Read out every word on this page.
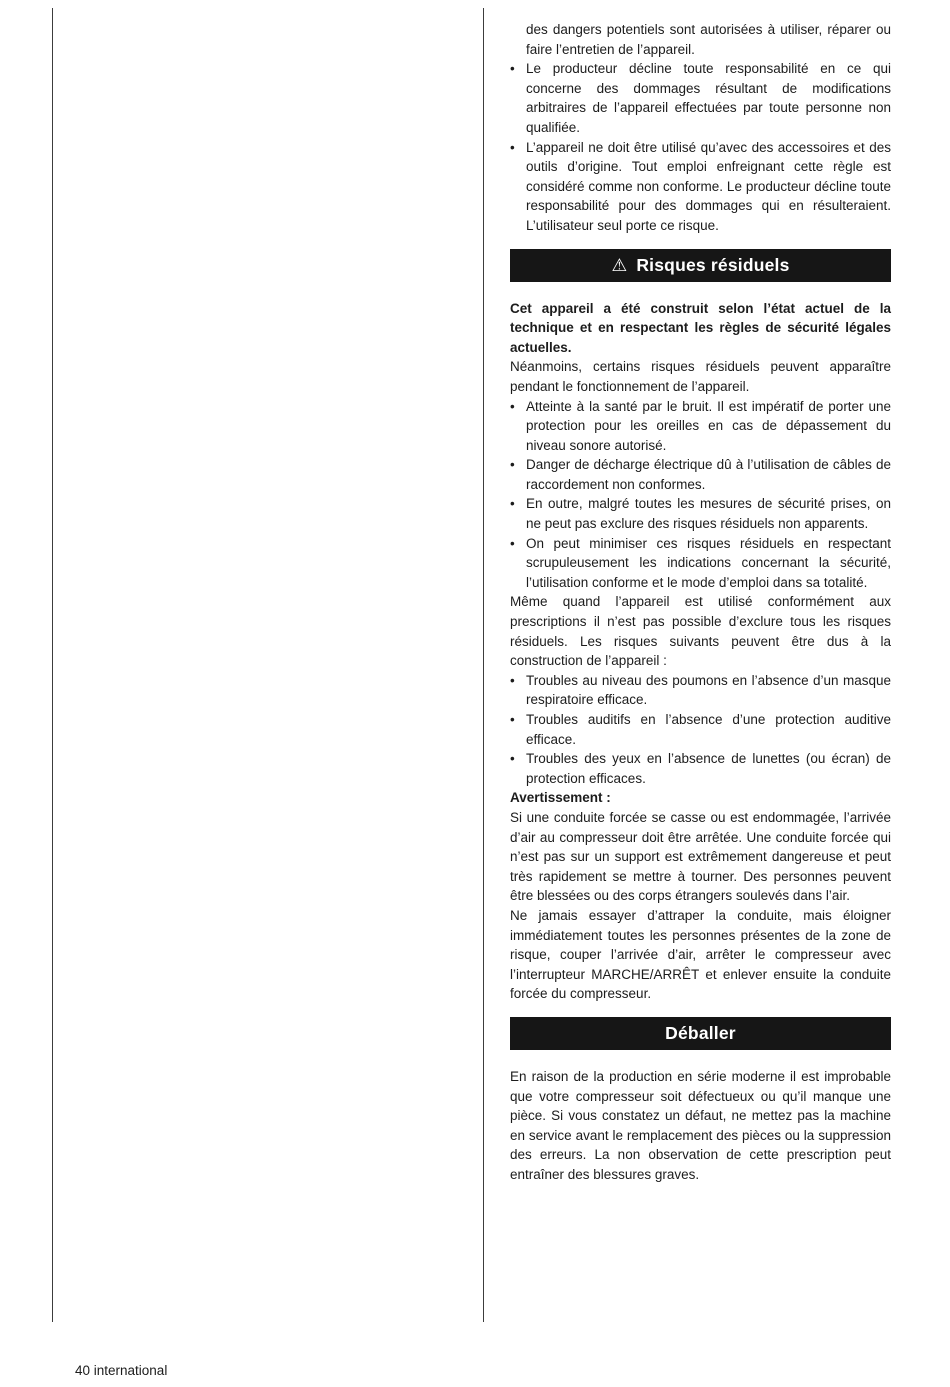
des dangers potentiels sont autorisées à utiliser, réparer ou faire l’entretien de l’appareil.

• Le producteur décline toute responsabilité en ce qui concerne des dommages résultant de modifications arbitraires de l’appareil effectuées par toute personne non qualifiée.
• L’appareil ne doit être utilisé qu’avec des accessoires et des outils d’origine. Tout emploi enfreignant cette règle est considéré comme non conforme. Le producteur décline toute responsabilité pour des dommages qui en résulteraient. L’utilisateur seul porte ce risque.
⚠ Risques résiduels

Cet appareil a été construit selon l’état actuel de la technique et en respectant les règles de sécurité légales actuelles.

Néanmoins, certains risques résiduels peuvent apparaître pendant le fonctionnement de l’appareil.

• Atteinte à la santé par le bruit. Il est impératif de porter une protection pour les oreilles en cas de dépassement du niveau sonore autorisé.
• Danger de décharge électrique dû à l’utilisation de câbles de raccordement non conformes.
• En outre, malgré toutes les mesures de sécurité prises, on ne peut pas exclure des risques résiduels non apparents.
• On peut minimiser ces risques résiduels en respectant scrupuleusement les indications concernant la sécurité, l’utilisation conforme et le mode d’emploi dans sa totalité.

Même quand l’appareil est utilisé conformément aux prescriptions il n’est pas possible d’exclure tous les risques résiduels. Les risques suivants peuvent être dus à la construction de l’appareil :

• Troubles au niveau des poumons en l’absence d’un masque respiratoire efficace.
• Troubles auditifs en l’absence d’une protection auditive efficace.
• Troubles des yeux en l’absence de lunettes (ou écran) de protection efficaces.

Avertissement :

Si une conduite forcée se casse ou est endommagée, l’arrivée d’air au compresseur doit être arrêtée. Une conduite forcée qui n’est pas sur un support est extrêmement dangereuse et peut très rapidement se mettre à tourner. Des personnes peuvent être blessées ou des corps étrangers soulevés dans l’air.

Ne jamais essayer d’attraper la conduite, mais éloigner immédiatement toutes les personnes présentes de la zone de risque, couper l’arrivée d’air, arrêter le compresseur avec l’interrupteur MARCHE/ARRÊT et enlever ensuite la conduite forcée du compresseur.

Déballer

En raison de la production en série moderne il est improbable que votre compresseur soit défectueux ou qu’il manque une pièce. Si vous constatez un défaut, ne mettez pas la machine en service avant le remplacement des pièces ou la suppression des erreurs. La non observation de cette prescription peut entraîner des blessures graves.

40 international
